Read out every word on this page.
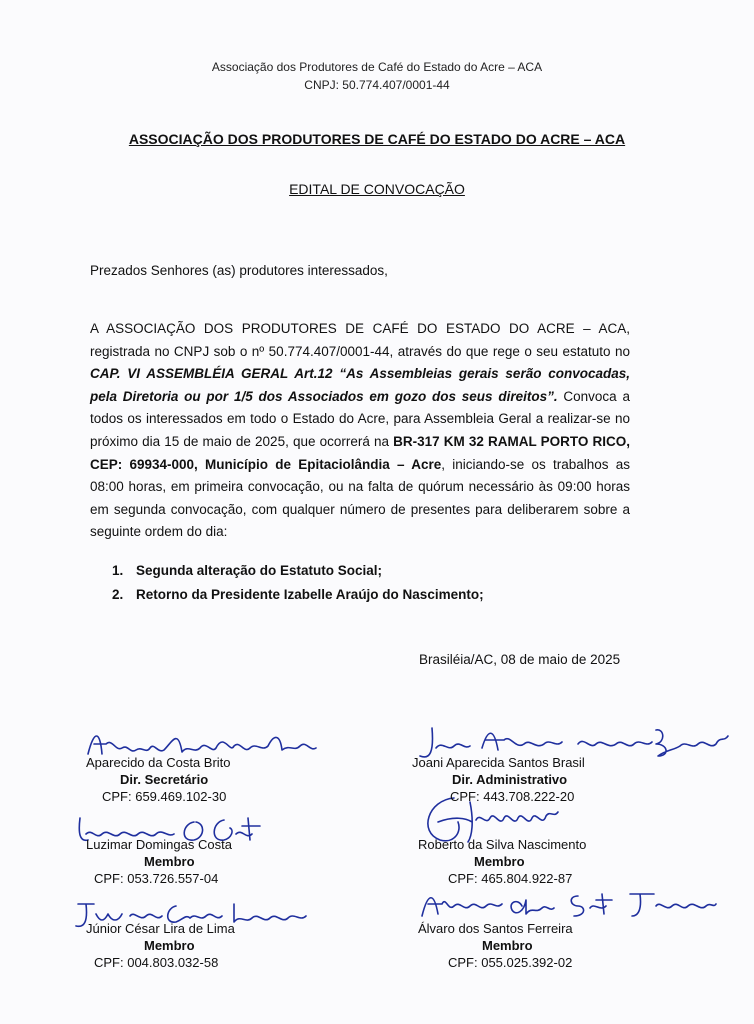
Associação dos Produtores de Café do Estado do Acre – ACA
CNPJ: 50.774.407/0001-44
ASSOCIAÇÃO DOS PRODUTORES DE CAFÉ DO ESTADO DO ACRE – ACA
EDITAL DE CONVOCAÇÃO
Prezados Senhores (as) produtores interessados,
A ASSOCIAÇÃO DOS PRODUTORES DE CAFÉ DO ESTADO DO ACRE – ACA, registrada no CNPJ sob o nº 50.774.407/0001-44, através do que rege o seu estatuto no CAP. VI ASSEMBLÉIA GERAL Art.12 “As Assembleias gerais serão convocadas, pela Diretoria ou por 1/5 dos Associados em gozo dos seus direitos”. Convoca a todos os interessados em todo o Estado do Acre, para Assembleia Geral a realizar-se no próximo dia 15 de maio de 2025, que ocorrerá na BR-317 KM 32 RAMAL PORTO RICO, CEP: 69934-000, Município de Epitaciolândia – Acre, iniciando-se os trabalhos as 08:00 horas, em primeira convocação, ou na falta de quórum necessário às 09:00 horas em segunda convocação, com qualquer número de presentes para deliberarem sobre a seguinte ordem do dia:
1. Segunda alteração do Estatuto Social;
2. Retorno da Presidente Izabelle Araújo do Nascimento;
Brasiléia/AC, 08 de maio de 2025
Aparecido da Costa Brito
Dir. Secretário
CPF: 659.469.102-30
Joani Aparecida Santos Brasil
Dir. Administrativo
CPF: 443.708.222-20
Luzimar Domingas Costa
Membro
CPF: 053.726.557-04
Roberto da Silva Nascimento
Membro
CPF: 465.804.922-87
Júnior César Lira de Lima
Membro
CPF: 004.803.032-58
Álvaro dos Santos Ferreira
Membro
CPF: 055.025.392-02
